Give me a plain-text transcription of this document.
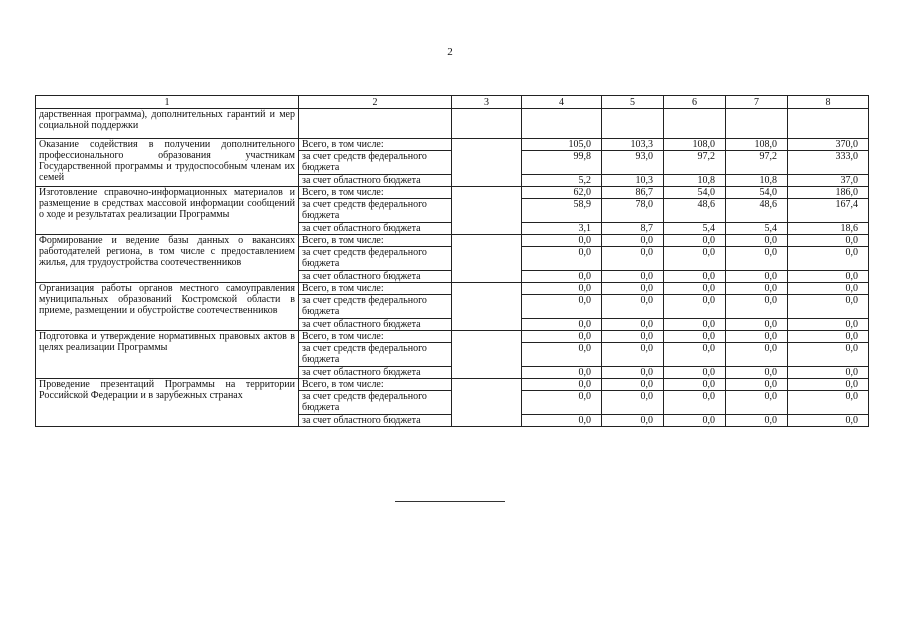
2
1	2	3	4	5	6	7	8
дарственная программа), дополнительных гарантий и мер социальной поддержки							
Оказание содействия в получении дополнительного профессионального образования участникам Государственной программы и трудоспособным членам их семей	Всего, в том числе:		105,0	103,3	108,0	108,0	370,0
	за счет средств федерального бюджета		99,8	93,0	97,2	97,2	333,0
	за счет областного бюджета		5,2	10,3	10,8	10,8	37,0
Изготовление справочно-информационных материалов и размещение в средствах массовой информации сообщений о ходе и результатах реализации Программы	Всего, в том числе:		62,0	86,7	54,0	54,0	186,0
	за счет средств федерального бюджета		58,9	78,0	48,6	48,6	167,4
	за счет областного бюджета		3,1	8,7	5,4	5,4	18,6
Формирование и ведение базы данных о вакансиях работодателей региона, в том числе с предоставлением жилья, для трудоустройства соотечественников	Всего, в том числе:		0,0	0,0	0,0	0,0	0,0
	за счет средств федерального бюджета		0,0	0,0	0,0	0,0	0,0
	за счет областного бюджета		0,0	0,0	0,0	0,0	0,0
Организация работы органов местного самоуправления муниципальных образований Костромской области в приеме, размещении и обустройстве соотечественников	Всего, в том числе:		0,0	0,0	0,0	0,0	0,0
	за счет средств федерального бюджета		0,0	0,0	0,0	0,0	0,0
	за счет областного бюджета		0,0	0,0	0,0	0,0	0,0
Подготовка и утверждение нормативных правовых актов в целях реализации Программы	Всего, в том числе:		0,0	0,0	0,0	0,0	0,0
	за счет средств федерального бюджета		0,0	0,0	0,0	0,0	0,0
	за счет областного бюджета		0,0	0,0	0,0	0,0	0,0
Проведение презентаций Программы на территории Российской Федерации и в зарубежных странах	Всего, в том числе:		0,0	0,0	0,0	0,0	0,0
	за счет средств федерального бюджета		0,0	0,0	0,0	0,0	0,0
	за счет областного бюджета		0,0	0,0	0,0	0,0	0,0
